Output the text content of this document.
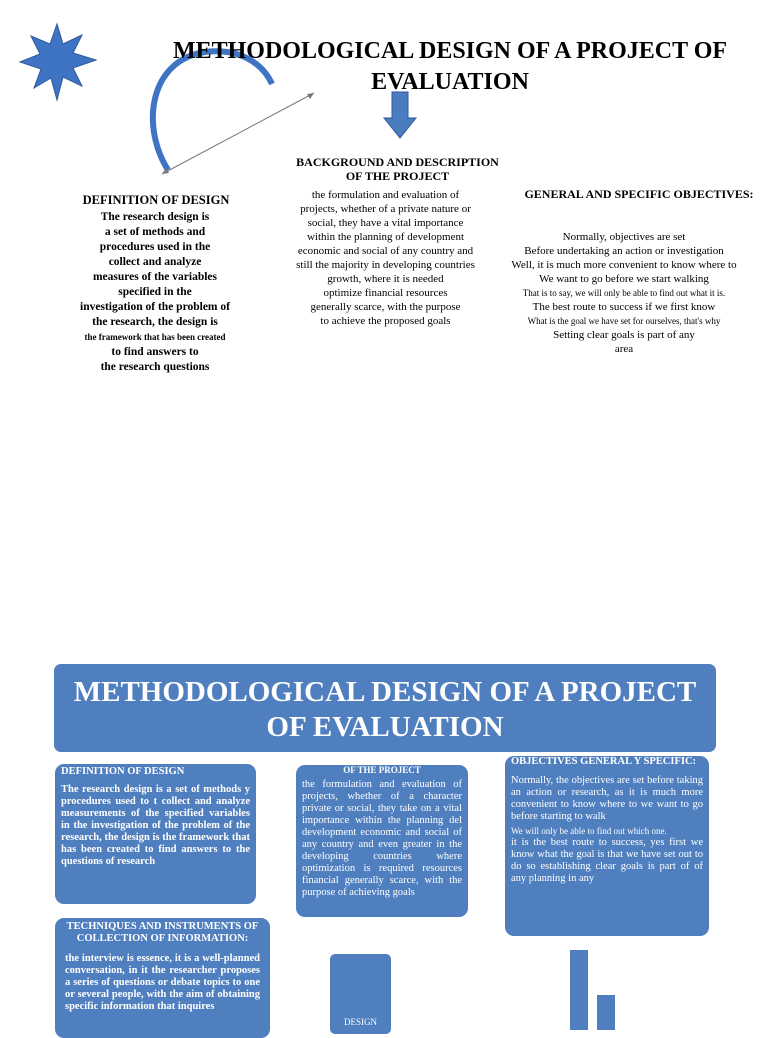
METHODOLOGICAL DESIGN OF A PROJECT OF
EVALUATION
DEFINITION OF DESIGN
The research design is
a set of methods and
procedures used in the
collect and analyze
measures of the variables
specified in the
investigation of the problem of
the research, the design is
the framework that has been created
to find answers to
the research questions
BACKGROUND AND DESCRIPTION
OF THE PROJECT
the formulation and evaluation of
projects, whether of a private nature or
social, they have a vital importance
within the planning of development
economic and social of any country and
still the majority in developing countries
growth, where it is needed
optimize financial resources
generally scarce, with the purpose
to achieve the proposed goals
GENERAL AND SPECIFIC OBJECTIVES:
Normally, objectives are set
Before undertaking an action or investigation
Well, it is much more convenient to know where to
We want to go before we start walking
That is to say, we will only be able to find out what it is.
The best route to success if we first know
What is the goal we have set for ourselves, that's why
Setting clear goals is part of any
area
METHODOLOGICAL DESIGN OF A PROJECT
OF EVALUATION
DEFINITION OF DESIGN

The research design is a set of methods y procedures used to t collect and analyze measurements of the specified variables in the investigation of the problem of the research, the design is the framework that has been created to find answers to the questions of research

BACKGROUND AND DESCRIPTION
OF THE PROJECT

the formulation and evaluation of projects, whether of a character private or social, they take on a vital importance within the planning del development economic and social of any country and even greater in the developing countries where optimization is required resources financial generally scarce, with the purpose of achieving goals

OBJECTIVES GENERAL Y SPECIFIC:

Normally, the objectives are set before taking an action or research, as it is much more convenient to know where to we want to go before starting to walk

We will only be able to find out which one.

it is the best route to success, yes first we know what the goal is that we have set out to do so establishing clear goals is part of of any planning in any

TECHNIQUES AND INSTRUMENTS OF
COLLECTION OF INFORMATION:

the interview is essence, it is a well-planned conversation, in it the researcher proposes a series of questions or debate topics to one or several people, with the aim of obtaining specific information that inquires

DESIGN
